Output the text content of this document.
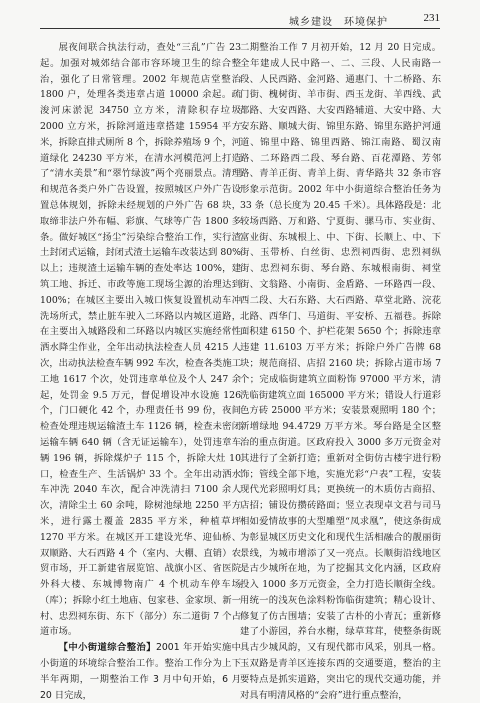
城乡建设　环境保护	231

展夜间联合执法行动，查处“三乱”广告 23 起。加强对城郊结合部市容环境卫生的综合整治，强化了日常管理。2002 年规范店堂整治 1800 户，处理各类违章占道 10000 余起。疏浚河床淤泥 34750 立方米，清除积存垃圾 2000 立方米，拆除河道违章搭建 15954 平方米，拆除直排式厕所 8 个，拆除养殖场 9 个，河道绿化 24230 平方米，在清水河模范河上打造了“清水美景”和“翠竹绿波”两个亮丽景点。清理和规范各类户外广告设置，按照城区户外广告设置总体规划，拆除未经规划的户外广告 68 块，取缔非法户外布幅、彩旗、气球等广告 1800 多条。做好城区“扬尘”污染综合整治工作，实行渣土封闭式运输，封闭式渣土运输车改装达到 80%以上；违规渣土运输车辆的查处率达 100%，建筑工地、拆迁、市政等施工现场尘源的治理达到 100%；在城区主要出入城口恢复设置机动车冲洗场所式，禁止脏车驶入二环路以内城区道路，在主要出入城路段和二环路以内城区实施经常性洒水降尘作业，全年出动执法检查人员 4215 人次，出动执法检查车辆 992 车次，检查各类施工工地 1617 个次，处罚违章单位及个人 247 余起，处罚金 9.5 万元，督促增设冲水设施 126 个，门口硬化 42 个，办理责任书 99 份，夜间检查处理违规运输渣土车 1126 辆，检查未密闭运输车辆 640 辆（含无证运输车），处罚违章车辆 196 辆，拆除煤炉子 115 个，拆除大灶 10 口，检查生产、生活锅炉 33 个。全年出动洒水车冲洗 2040 车次，配合冲洗清扫 7100 余人次，清除尘土 60 余吨，除树池绿地 2250 平方米，进行露土覆盖 2835 平方米，种植草坪 1270 平方米。在城区开工建设光华、迎仙桥、双顺路、大石西路 4 个（室内、大棚、直销）农贸市场，开工新建省展览馆、战旗小区、省医院外科大楼、东城博物南广 4 个机动车停车场（库）；拆除小红土地庙、包家巷、金家坝、新一村、忠烈祠东街、东下（部分）东二道街 7 个占道市场。

【中小街道综合整治】2001 年开始实施中小街道的环境综合整治工作。整治工作分为上下半年两期，一期整治工作 3 月中旬开始，6 月 20 日完成，

二期整治工作 7 月初开始，12 月 20 日完成。全年建成人民中路一、二、三段、人民南路一段、人民西路、金河路、通惠门、十二桥路、东门街、槐树街、羊市街、西玉龙街、羊西线、武都路、大安西路、大安西路辅道、大安中路、大安东路、顺城大街、锦里东路、锦里东路护河通道、锦里中路、锦里西路、锦江南路、蜀汉南路、二环路西二段、琴台路、百花潭路、芳邻路、青羊正街、青羊上街、青华路共 32 条市容形象示范街。2002 年中小街道综合整治任务为 33 条（总长度为 20.45 千米）。具体路段是：北较场西路、万和路、宁夏街、骡马市、实业街、富业街、东城根上、中、下街、长顺上、中、下街、玉带桥、白丝街、忠烈祠西街、忠烈祠纵街、忠烈祠东街、琴台路、东城根南街、祠堂街、文翁路、小南街、金盾路、一环路西一段、西二段、大石东路、大石西路、草堂北路、浣花北路、西华门、马道街、平安桥、五福巷。拆除面积建 6150 个、护栏花架 5650 个；拆除违章违建 11.6103 万平方米；拆除户外广告牌 68 块；规范商招、店招 2160 块；拆除占道市场 7 个；完成临街建筑立面粉饰 97000 平方米，清洗临街建筑立面 165000 平方米；错设人行道彩色方砖 25000 平方米；安装景观照明 180 个；新增绿地 94.4729 万平方米。琴台路是全区整治的重点街道。区政府投入 3000 多万元资金对其进行了全新打造；重新对全街仿古楼宇进行粉饰；管线全部下地，实施光彩“户表”工程，安装现代光彩照明灯具；更换统一的木质仿古商招、店招；铺设仿攒砖路面；竖立表现卓文君与司马相如爱情故事的大型雕塑“凤求凰”，使这条街成为彰显城区历史文化和现代生活相融合的靓丽街景线，为城市增添了又一亮点。长顺街沿线地区是古少城所在地，为了挖掘其文化内涵，区政府投入 1000 多万元资金，全力打造长顺街全线。用统一的浅灰色涂料粉饰临街建筑；精心设计、修复了仿古围墙；安装了古朴的小青瓦；重新修建了小游园，养台水榭，绿草茸茸，使整条街既具古少城风韵，又有现代都市风采，别具一格。玉双路是青羊区连接东西的交通要道，整治的主要特点是抓实道路，突出它的现代交通功能，并对具有明清风格的“会府”进行重点整治，
